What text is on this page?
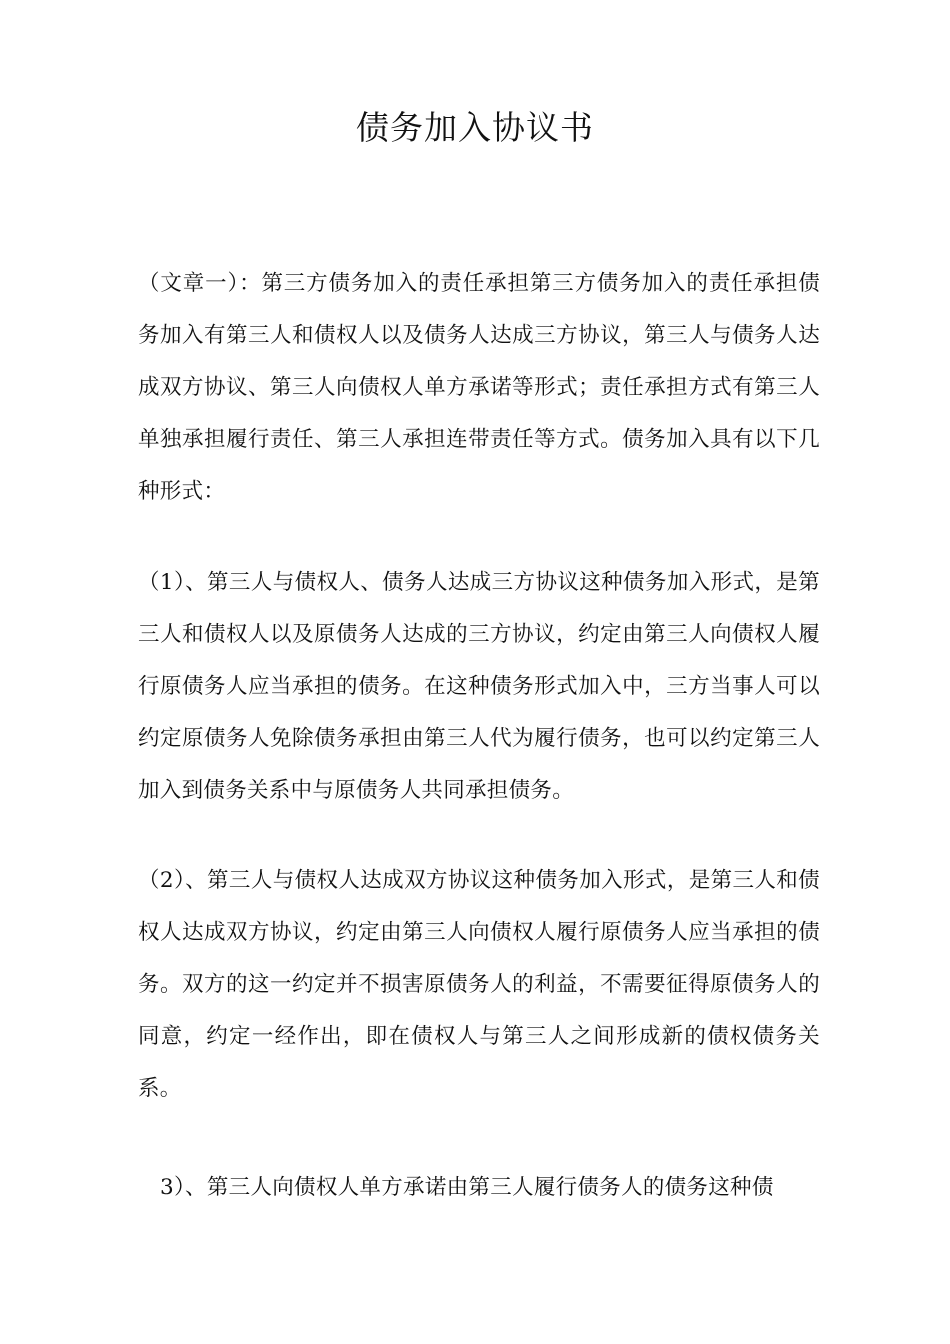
债务加入协议书

（文章一）：第三方债务加入的责任承担第三方债务加入的责任承担债务加入有第三人和债权人以及债务人达成三方协议，第三人与债务人达成双方协议、第三人向债权人单方承诺等形式；责任承担方式有第三人单独承担履行责任、第三人承担连带责任等方式。债务加入具有以下几种形式：

（1）、第三人与债权人、债务人达成三方协议这种债务加入形式，是第三人和债权人以及原债务人达成的三方协议，约定由第三人向债权人履行原债务人应当承担的债务。在这种债务形式加入中，三方当事人可以约定原债务人免除债务承担由第三人代为履行债务，也可以约定第三人加入到债务关系中与原债务人共同承担债务。

（2）、第三人与债权人达成双方协议这种债务加入形式，是第三人和债权人达成双方协议，约定由第三人向债权人履行原债务人应当承担的债务。双方的这一约定并不损害原债务人的利益，不需要征得原债务人的同意，约定一经作出，即在债权人与第三人之间形成新的债权债务关系。

3）、第三人向债权人单方承诺由第三人履行债务人的债务这种债
